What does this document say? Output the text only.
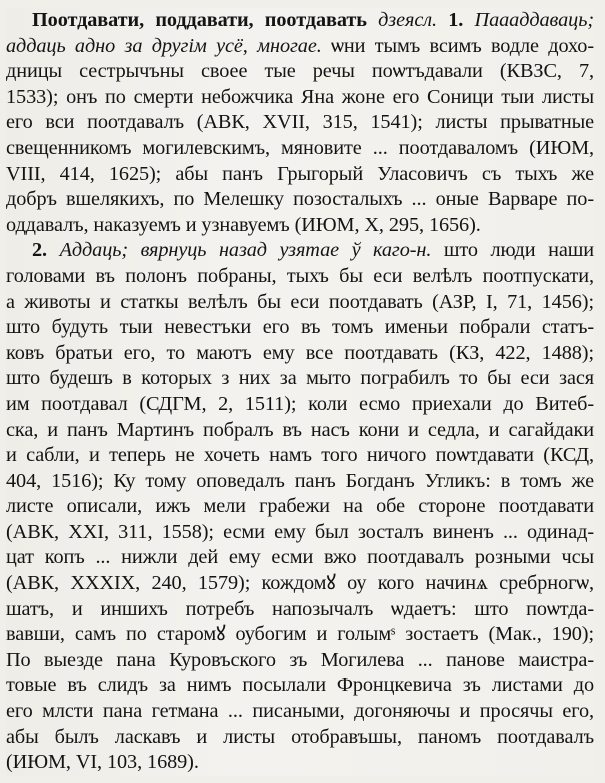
Поотдавати, поддавати, поотдавать дзеясл. 1. Паааддаваць;
аддаць адно за другім усё, многае. ѡни тымъ всимъ водле дохо-
дницы сестрычъны своее тые речы поѡтъдавали (КВЗС, 7,
1533); онъ по смерти небожчика Яна жоне его Соници тыи листы
его вси поотдавалъ (АВК, XVII, 315, 1541); листы прыватные
свещенникомъ могилевскимъ, мяновите ... поотдаваломъ (ИЮМ,
VIII, 414, 1625); абы панъ Грыгорый Уласовичъ съ тыхъ же
добръ вшелякихъ, по Мелешку позосталыхъ ... оные Варваре по-
оддавалъ, наказуемъ и узнавуемъ (ИЮМ, X, 295, 1656).
2. Аддаць; вярнуць назад узятае ў каго-н. што люди наши
головами въ полонъ побраны, тыхъ бы еси велѣлъ поотпускати,
а животы и статкы велѣлъ бы еси поотдавать (АЗР, І, 71, 1456);
што будуть тыи невестъки его въ томъ именьи побрали статъ-
ковъ братьи его, то маютъ ему все поотдавать (КЗ, 422, 1488);
што будешъ в которых з них за мыто пограбилъ то бы еси зася
им поотдавал (СДГМ, 2, 1511); коли есмо приехали до Витеб-
ска, и панъ Мартинъ побралъ въ насъ кони и седла, и сагайдаки
и сабли, и теперь не хочеть намъ того ничого поѡтдавати (КСД,
404, 1516); Ку тому оповедалъ панъ Богданъ Угликъ: в томъ же
листе описали, ижъ мели грабежи на обе стороне поотдавати
(АВК, XXI, 311, 1558); есми ему был зосталъ виненъ ... одинад-
цат копъ ... нижли дей ему есми вжо поотдавалъ розными чсы
(АВК, XXXIX, 240, 1579); кождомꙋ оу кого начинѧ сребрногѡ,
шатъ, и иншихъ потребъ напозычалъ ѡдаетъ: што поѡтда-
вавши, самъ по старомꙋ оубогим и голымˢ зостаетъ (Мак., 190);
По выезде пана Куровъского зъ Могилева ... панове маистра-
товые въ слидъ за нимъ посылали Фронцкевича зъ листами до
его млсти пана гетмана ... писаными, догоняючы и просячы его,
абы былъ ласкавъ и листы отобравъшы, паномъ поотдавалъ
(ИЮМ, VI, 103, 1689).
